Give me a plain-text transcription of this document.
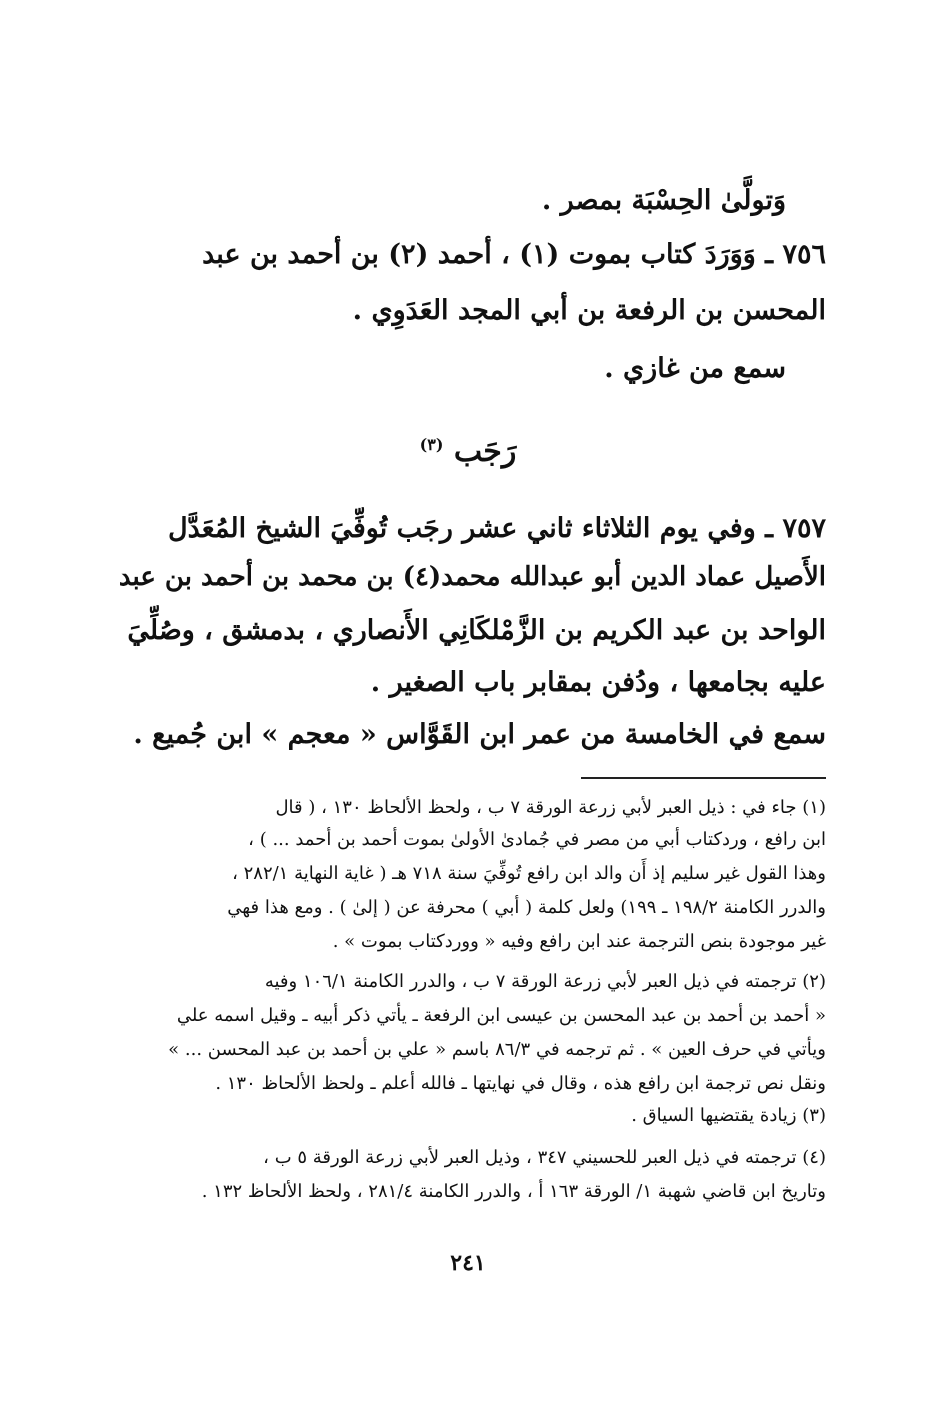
وَتولَّىٰ الحِسْبَة بمصر .
٧٥٦ ـ وَوَرَدَ كتاب بموت (١) ، أحمد (٢) بن أحمد بن عبد
المحسن بن الرفعة بن أبي المجد العَدَوِي .
سمع من غازي .
رَجَب $^{(٣)}$
٧٥٧ ـ وفي يوم الثلاثاء ثاني عشر رجَب تُوفِّيَ الشيخ المُعَدَّل
الأَصيل عماد الدين أبو عبدالله محمد(٤) بن محمد بن أحمد بن عبد
الواحد بن عبد الكريم بن الزَّمْلكَانِي الأَنصاري ، بدمشق ، وصُلِّيَ
عليه بجامعها ، ودُفن بمقابر باب الصغير .
سمع في الخامسة من عمر ابن القَوَّاس « معجم » ابن جُميع .
(١) جاء في : ذيل العبر لأبي زرعة الورقة ٧ ب ، ولحظ الألحاظ ١٣٠ ، ( قال
ابن رافع ، وردكتاب أبي من مصر في جُمادىٰ الأولىٰ بموت أحمد بن أحمد ... ) ،
وهذا القول غير سليم إذ أَن والد ابن رافع تُوفِّيَ سنة ٧١٨ هـ ( غاية النهاية ٢٨٢/١ ،
والدرر الكامنة ١٩٨/٢ ـ ١٩٩) ولعل كلمة ( أبي ) محرفة عن ( إلىٰ ) . ومع هذا فهي
غير موجودة بنص الترجمة عند ابن رافع وفيه « ووردكتاب بموت » .
(٢) ترجمته في ذيل العبر لأبي زرعة الورقة ٧ ب ، والدرر الكامنة ١٠٦/١ وفيه
« أحمد بن أحمد بن عبد المحسن بن عيسى ابن الرفعة ـ يأتي ذكر أبيه ـ وقيل اسمه علي
ويأتي في حرف العين » . ثم ترجمه في ٨٦/٣ باسم « علي بن أحمد بن عبد المحسن ... »
ونقل نص ترجمة ابن رافع هذه ، وقال في نهايتها ـ فالله أعلم ـ ولحظ الألحاظ ١٣٠ .
(٣) زيادة يقتضيها السياق .
(٤) ترجمته في ذيل العبر للحسيني ٣٤٧ ، وذيل العبر لأبي زرعة الورقة ٥ ب ،
وتاريخ ابن قاضي شهبة ١/ الورقة ١٦٣ أ ، والدرر الكامنة ٢٨١/٤ ، ولحظ الألحاظ ١٣٢ .
٢٤١
